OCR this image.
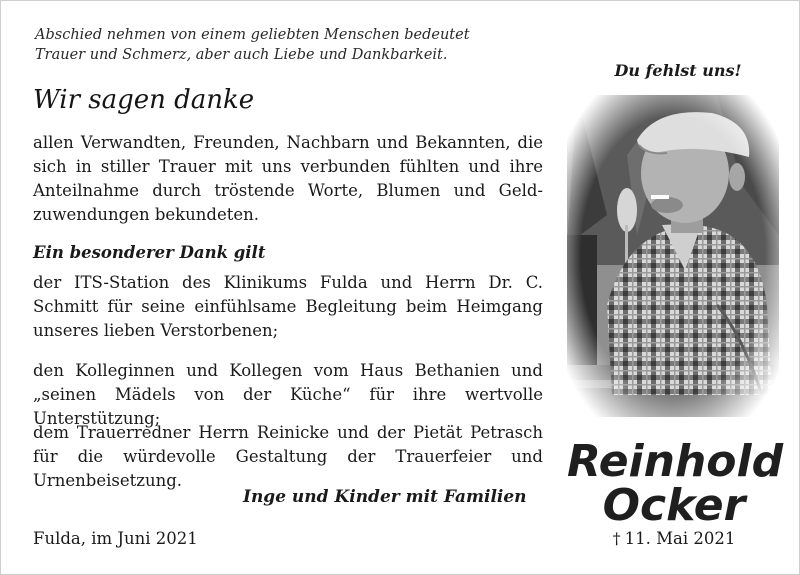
Abschied nehmen von einem geliebten Menschen bedeutet
Trauer und Schmerz, aber auch Liebe und Dankbarkeit.
Wir sagen danke
allen Verwandten, Freunden, Nachbarn und Bekannten, die sich in stiller Trauer mit uns verbunden fühlten und ihre Anteilnahme durch tröstende Worte, Blumen und Geld-zuwendungen bekundeten.
Ein besonderer Dank gilt
der ITS-Station des Klinikums Fulda und Herrn Dr. C. Schmitt für seine einfühlsame Begleitung beim Heimgang unseres lieben Verstorbenen;
den Kolleginnen und Kollegen vom Haus Bethanien und „seinen Mädels von der Küche“ für ihre wertvolle Unterstützung;
dem Trauerredner Herrn Reinicke und der Pietät Petrasch für die würdevolle Gestaltung der Trauerfeier und Urnenbeisetzung.
Inge und Kinder mit Familien
Fulda, im Juni 2021
Du fehlst uns!
Reinhold
Ocker
† 11. Mai 2021
